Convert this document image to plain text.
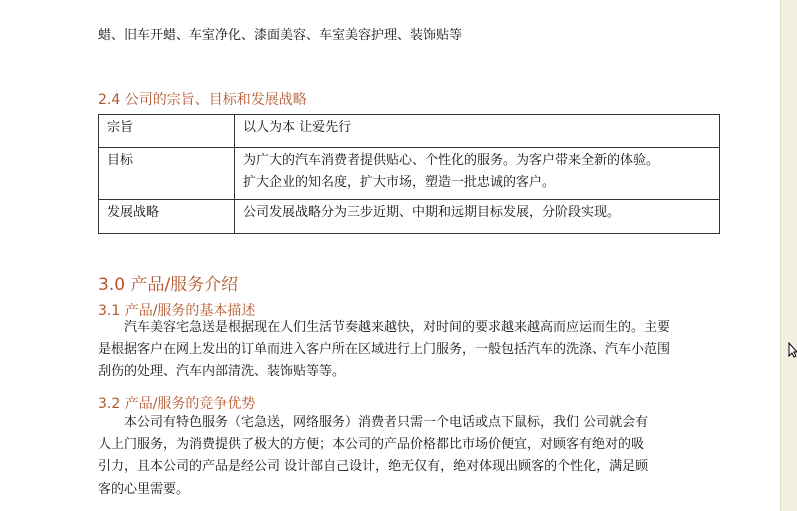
蜡、旧车开蜡、车室净化、漆面美容、车室美容护理、装饰贴等
2.4 公司的宗旨、目标和发展战略
宗旨	以人为本 让爱先行

目标	为广大的汽车消费者提供贴心、个性化的服务。为客户带来全新的体验。
扩大企业的知名度，扩大市场，塑造一批忠诚的客户。

发展战略	公司发展战略分为三步近期、中期和远期目标发展，分阶段实现。
3.0 产品/服务介绍
3.1 产品/服务的基本描述
汽车美容宅急送是根据现在人们生活节奏越来越快，对时间的要求越来越高而应运而生的。主要
是根据客户在网上发出的订单而进入客户所在区域进行上门服务，一般包括汽车的洗涤、汽车小范围
刮伤的处理、汽车内部清洗、装饰贴等等。
3.2 产品/服务的竞争优势
本公司有特色服务（宅急送，网络服务）消费者只需一个电话或点下鼠标，我们 公司就会有
人上门服务，为消费提供了极大的方便；本公司的产品价格都比市场价便宜，对顾客有绝对的吸
引力，且本公司的产品是经公司 设计部自己设计，绝无仅有，绝对体现出顾客的个性化，满足顾
客的心里需要。
